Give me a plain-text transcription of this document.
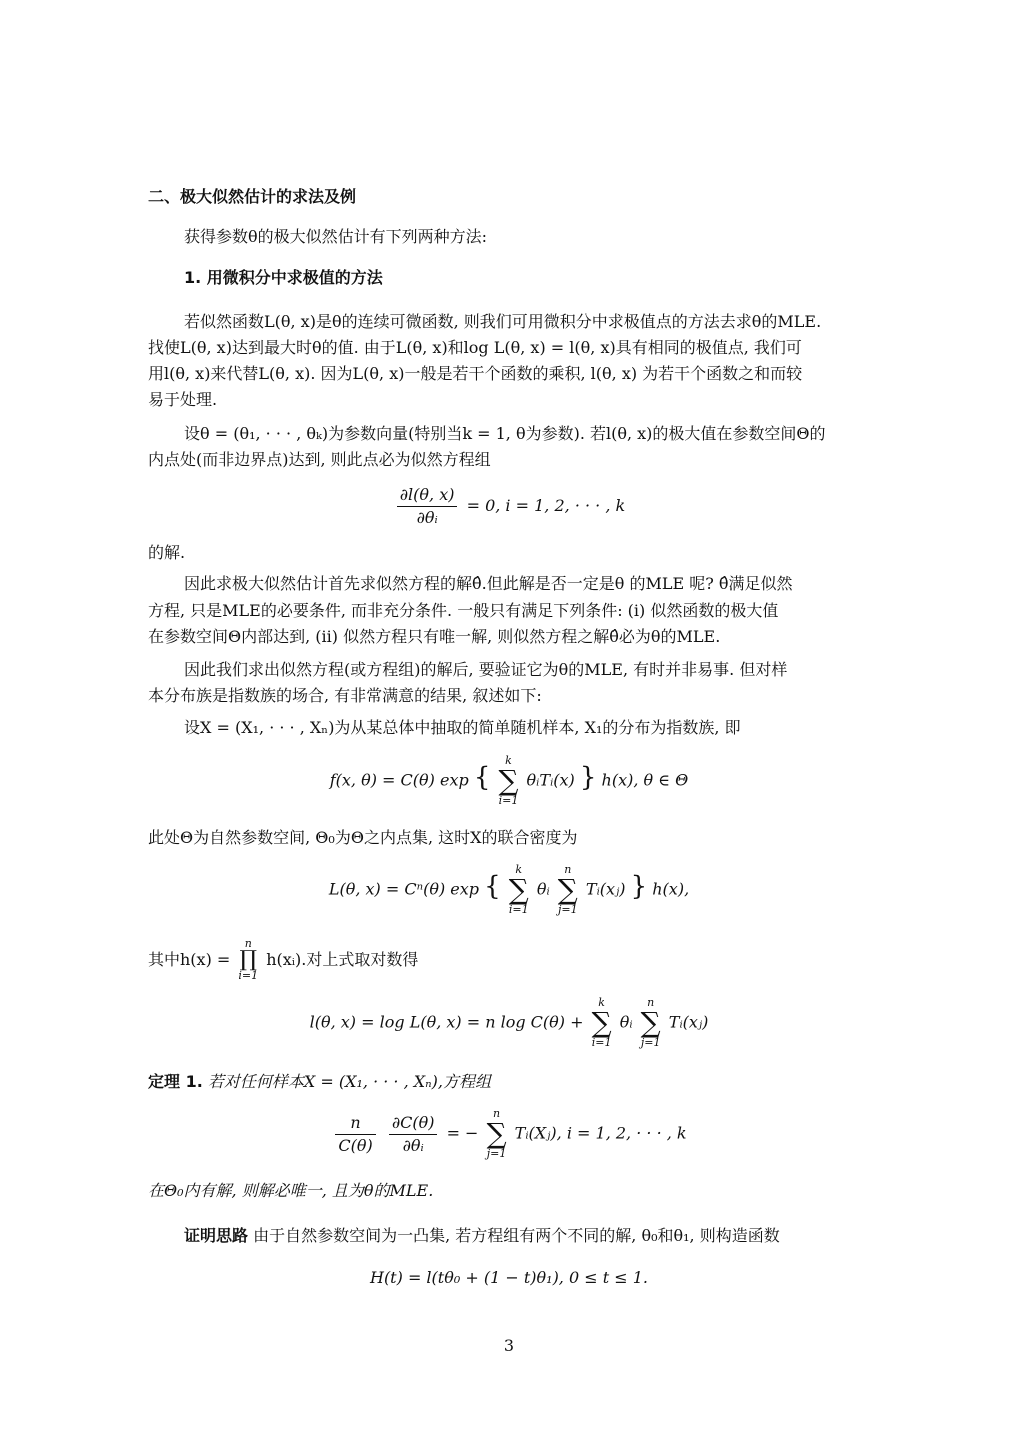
二、极大似然估计的求法及例
获得参数θ的极大似然估计有下列两种方法:
1. 用微积分中求极值的方法
若似然函数L(θ, x)是θ的连续可微函数, 则我们可用微积分中求极值点的方法去求θ的MLE.
找使L(θ, x)达到最大时θ的值. 由于L(θ, x)和log L(θ, x) = l(θ, x)具有相同的极值点, 我们可
用l(θ, x)来代替L(θ, x). 因为L(θ, x)一般是若干个函数的乘积, l(θ, x) 为若干个函数之和而较
易于处理.
设θ = (θ₁, · · · , θₖ)为参数向量(特别当k = 1, θ为参数). 若l(θ, x)的极大值在参数空间Θ的
内点处(而非边界点)达到, 则此点必为似然方程组
$\frac{\partial l(\theta, x)}{\text{∂θᵢ}} = 0$, i = 1, 2, · · · , k
的解.
因此求极大似然估计首先求似然方程的解θ̂.但此解是否一定是θ 的MLE 呢? θ̂满足似然
方程, 只是MLE的必要条件, 而非充分条件. 一般只有满足下列条件: (i) 似然函数的极大值
在参数空间Θ内部达到, (ii) 似然方程只有唯一解, 则似然方程之解θ̂必为θ的MLE.
因此我们求出似然方程(或方程组)的解后, 要验证它为θ的MLE, 有时并非易事. 但对样
本分布族是指数族的场合, 有非常满意的结果, 叙述如下:
设X = (X₁, · · · , Xₙ)为从某总体中抽取的简单随机样本, X₁的分布为指数族, 即
f(x, θ) = C(θ) exp {
k
∑
i=1
θᵢTᵢ(x) } h(x), θ ∈ Θ
此处Θ为自然参数空间, Θ₀为Θ之内点集, 这时X的联合密度为
L(θ, x) = Cⁿ(θ) exp {
k
∑
i=1
θᵢ
n
∑
j=1
Tᵢ(xⱼ) } h(x),
其中h(x) =
n
∏
i=1
h(xᵢ).对上式取对数得
l(θ, x) = log L(θ, x) = n log C(θ) +
k
∑
i=1
θᵢ
n
∑
j=1
Tᵢ(xⱼ)
定理 1. 若对任何样本X = (X₁, · · · , Xₙ),方程组
$\frac{n}{C(\theta)}$
$\frac{\partial C(\theta)}{\text{∂θᵢ}}$ = −
n
∑
j=1
Tᵢ(Xⱼ), i = 1, 2, · · · , k
在Θ₀内有解, 则解必唯一, 且为θ的MLE.
证明思路 由于自然参数空间为一凸集, 若方程组有两个不同的解, θ₀和θ₁, 则构造函数
H(t) = l(tθ₀ + (1 − t)θ₁), 0 ≤ t ≤ 1.
3
